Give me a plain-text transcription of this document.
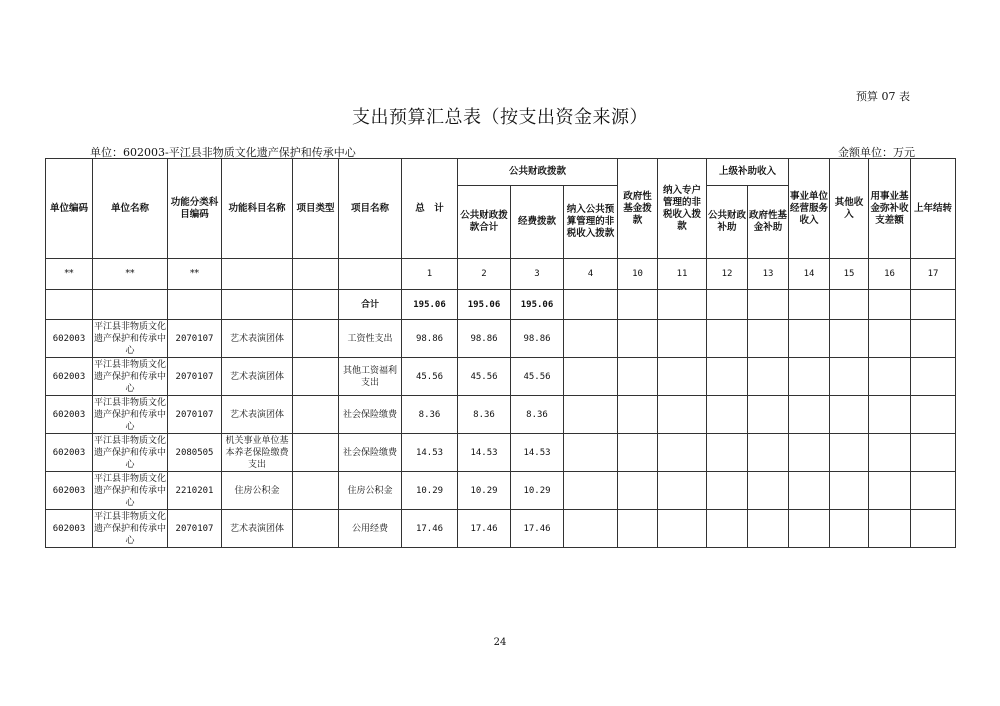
预算 07 表
支出预算汇总表（按支出资金来源）
单位：602003-平江县非物质文化遗产保护和传承中心	金额单位：万元
单位编码	单位名称	功能分类科目编码	功能科目名称	项目类型	项目名称	总　计	公共财政拨款			政府性基金拨款	纳入专户管理的非税收入拨款	上级补助收入		事业单位经营服务收入	其他收入	用事业基金弥补收支差额	上年结转
							公共财政拨款合计	经费拨款	纳入公共预算管理的非税收入拨款			公共财政补助	政府性基金补助				
**	**	**				1	2	3	4	10	11	12	13	14	15	16	17
					合计	195.06	195.06	195.06									
602003	平江县非物质文化遗产保护和传承中心	2070107	艺术表演团体		工资性支出	98.86	98.86	98.86									
602003	平江县非物质文化遗产保护和传承中心	2070107	艺术表演团体		其他工资福利支出	45.56	45.56	45.56									
602003	平江县非物质文化遗产保护和传承中心	2070107	艺术表演团体		社会保险缴费	8.36	8.36	8.36									
602003	平江县非物质文化遗产保护和传承中心	2080505	机关事业单位基本养老保险缴费支出		社会保险缴费	14.53	14.53	14.53									
602003	平江县非物质文化遗产保护和传承中心	2210201	住房公积金		住房公积金	10.29	10.29	10.29									
602003	平江县非物质文化遗产保护和传承中心	2070107	艺术表演团体		公用经费	17.46	17.46	17.46									
24
